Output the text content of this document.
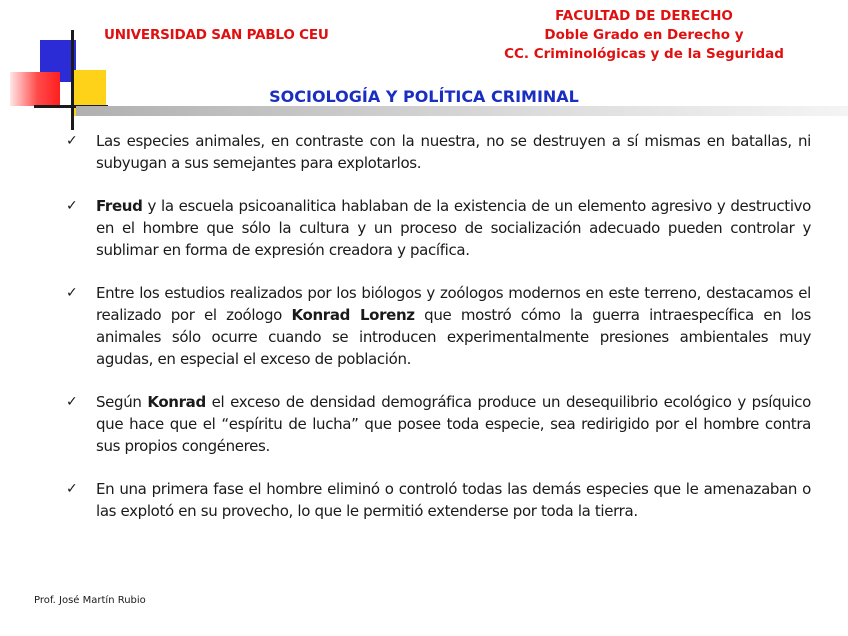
UNIVERSIDAD SAN PABLO CEU
FACULTAD DE DERECHO
Doble Grado en Derecho y
CC. Criminológicas y de la Seguridad
SOCIOLOGÍA Y POLÍTICA CRIMINAL
✓ Las especies animales, en contraste con la nuestra, no se destruyen a sí mismas en batallas, ni subyugan a sus semejantes para explotarlos.
✓ Freud y la escuela psicoanalitica hablaban de la existencia de un elemento agresivo y destructivo en el hombre que sólo la cultura y un proceso de socialización adecuado pueden controlar y sublimar en forma de expresión creadora y pacífica.
✓ Entre los estudios realizados por los biólogos y zoólogos modernos en este terreno, destacamos el realizado por el zoólogo Konrad Lorenz que mostró cómo la guerra intraespecífica en los animales sólo ocurre cuando se introducen experimentalmente presiones ambientales muy agudas, en especial el exceso de población.
✓ Según Konrad el exceso de densidad demográfica produce un desequilibrio ecológico y psíquico que hace que el “espíritu de lucha” que posee toda especie, sea redirigido por el hombre contra sus propios congéneres.
✓ En una primera fase el hombre eliminó o controló todas las demás especies que le amenazaban o las explotó en su provecho, lo que le permitió extenderse por toda la tierra.
Prof. José Martín Rubio
